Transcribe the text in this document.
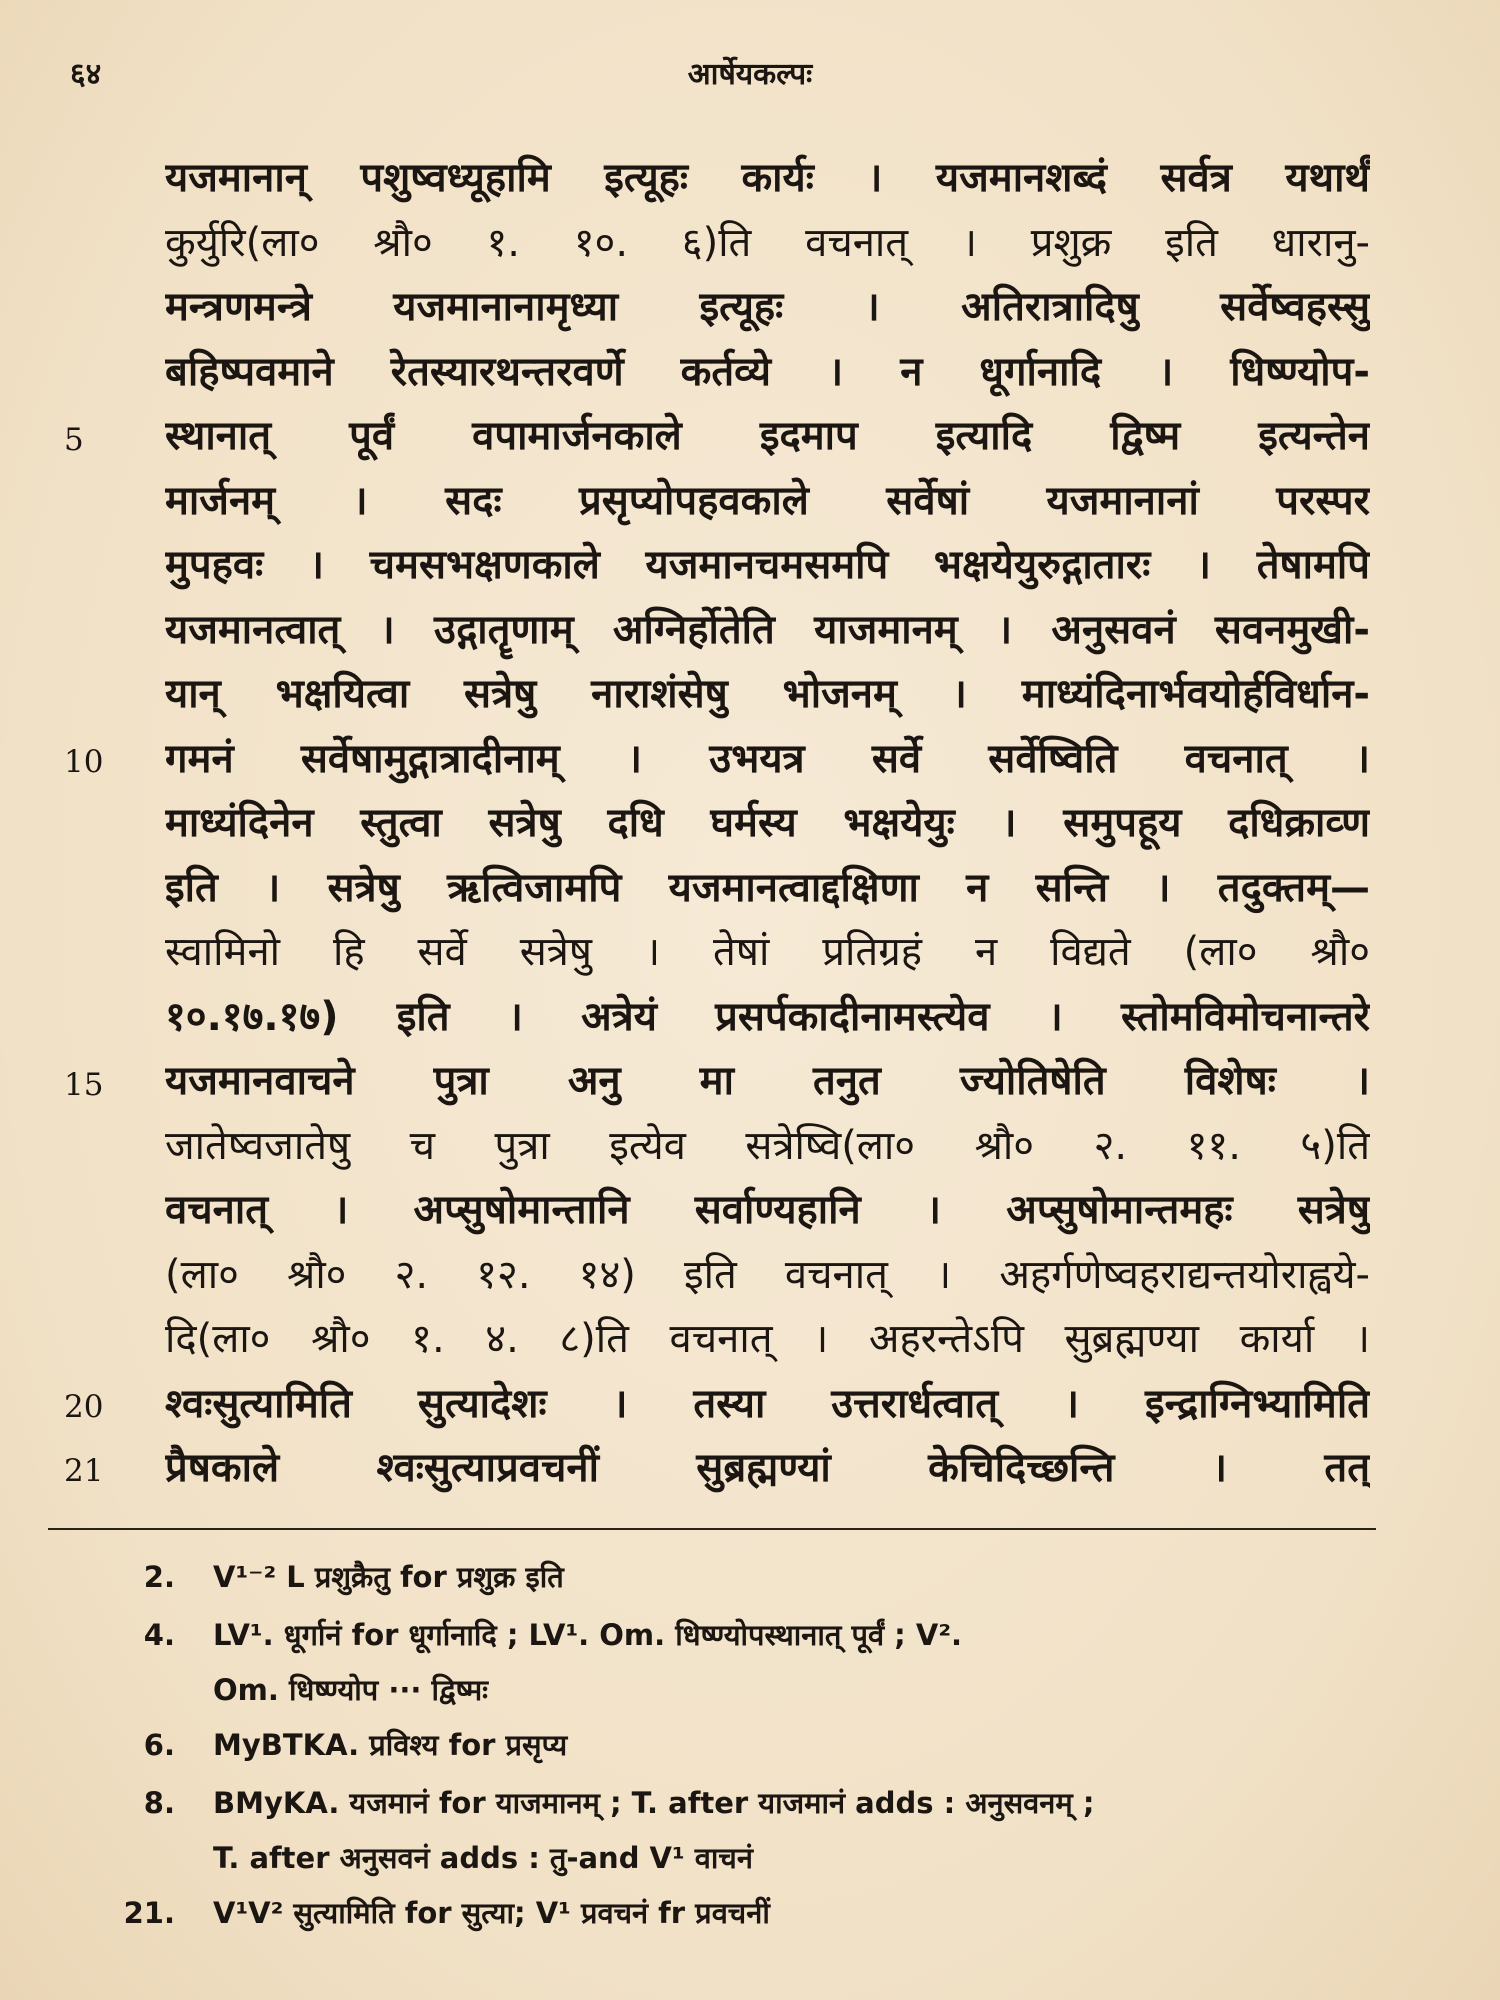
६४	आर्षेयकल्पः
यजमानान् पशुष्वध्यूहामि इत्यूहः कार्यः । यजमानशब्दं सर्वत्र यथार्थं
कुर्युरि(ला० श्रौ० १. १०. ६)ति वचनात् । प्रशुक्र इति धारानु-
मन्त्रणमन्त्रे यजमानानामृध्या इत्यूहः । अतिरात्रादिषु सर्वेष्वहस्सु
बहिष्पवमाने रेतस्यारथन्तरवर्णे कर्तव्ये । न धूर्गानादि । धिष्ण्योप-
स्थानात् पूर्वं वपामार्जनकाले इदमाप इत्यादि द्विष्म इत्यन्तेन
मार्जनम् । सदः प्रसृप्योपहवकाले सर्वेषां यजमानानां परस्पर
मुपहवः । चमसभक्षणकाले यजमानचमसमपि भक्षयेयुरुद्गातारः । तेषामपि
यजमानत्वात् । उद्गातॄणाम् अग्निर्होतेति याजमानम् । अनुसवनं सवनमुखी-
यान् भक्षयित्वा सत्रेषु नाराशंसेषु भोजनम् । माध्यंदिनार्भवयोर्हविर्धान-
गमनं सर्वेषामुद्गात्रादीनाम् । उभयत्र सर्वे सर्वेष्विति वचनात् ।
माध्यंदिनेन स्तुत्वा सत्रेषु दधि घर्मस्य भक्षयेयुः । समुपहूय दधिक्राव्ण
इति । सत्रेषु ऋत्विजामपि यजमानत्वाद्दक्षिणा न सन्ति । तदुक्तम्—
स्वामिनो हि सर्वे सत्रेषु । तेषां प्रतिग्रहं न विद्यते (ला० श्रौ०
१०.१७.१७) इति । अत्रेयं प्रसर्पकादीनामस्त्येव । स्तोमविमोचनान्तरे
यजमानवाचने पुत्रा अनु मा तनुत ज्योतिषेति विशेषः ।
जातेष्वजातेषु च पुत्रा इत्येव सत्रेष्वि(ला० श्रौ० २. ११. ५)ति
वचनात् । अप्सुषोमान्तानि सर्वाण्यहानि । अप्सुषोमान्तमहः सत्रेषु
(ला० श्रौ० २. १२. १४) इति वचनात् । अहर्गणेष्वहराद्यन्तयोराह्वये-
दि(ला० श्रौ० १. ४. ८)ति वचनात् । अहरन्तेऽपि सुब्रह्मण्या कार्या ।
श्वःसुत्यामिति सुत्यादेशः । तस्या उत्तरार्धत्वात् । इन्द्राग्निभ्यामिति
प्रैषकाले श्वःसुत्याप्रवचनीं सुब्रह्मण्यां केचिदिच्छन्ति । तत्
5
10
15
20
21
2. V¹⁻² L प्रशुक्रैतु for प्रशुक्र इति
4. LV¹. धूर्गानं for धूर्गानादि ; LV¹. Om. धिष्ण्योपस्थानात् पूर्वं ; V².
Om. धिष्ण्योप ··· द्विष्मः
6. MyBTKA. प्रविश्य for प्रसृप्य
8. BMyKA. यजमानं for याजमानम् ; T. after याजमानं adds : अनुसवनम् ;
T. after अनुसवनं adds : तु-and V¹ वाचनं
21. V¹V² सुत्यामिति for सुत्या; V¹ प्रवचनं fr प्रवचनीं
